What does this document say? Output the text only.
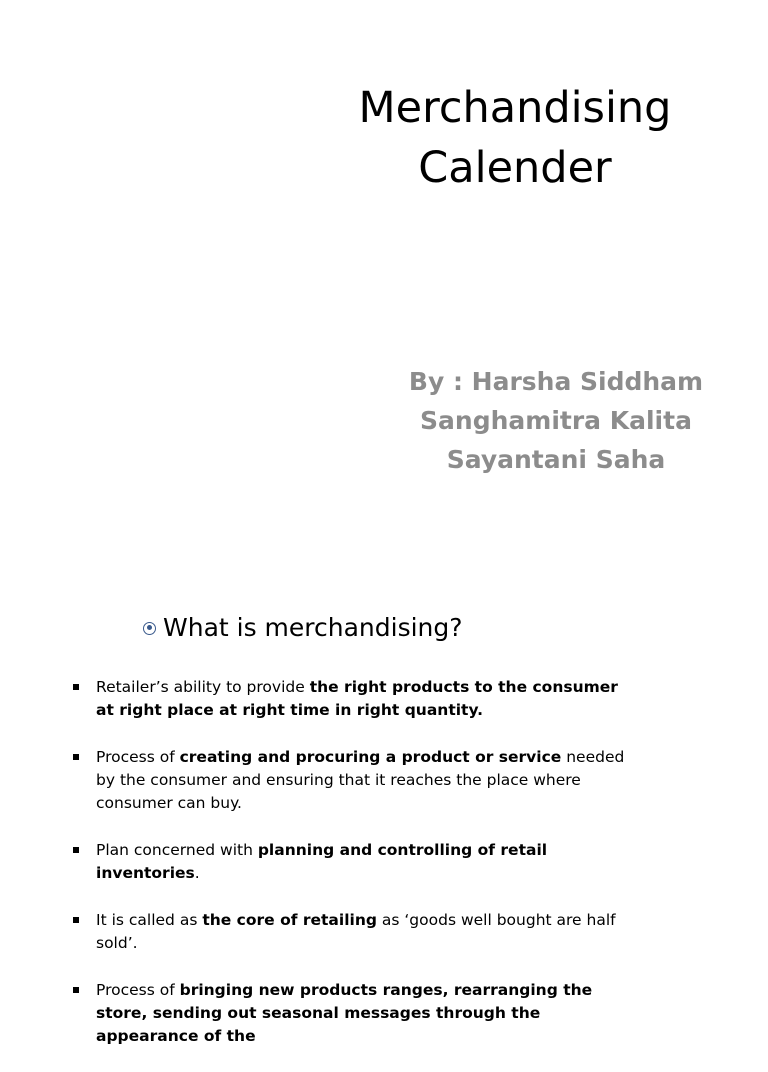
Merchandising
Calender
By : Harsha Siddham
Sanghamitra Kalita
Sayantani Saha
What is merchandising?
Retailer’s ability to provide the right products to the consumer at right place at right time in right quantity.
Process of creating and procuring a product or service needed by the consumer and ensuring that it reaches the place where consumer can buy.
Plan concerned with planning and controlling of retail inventories.
It is called as the core of retailing as ‘goods well bought are half sold’.
Process of bringing new products ranges, rearranging the store, sending out seasonal messages through the appearance of the
